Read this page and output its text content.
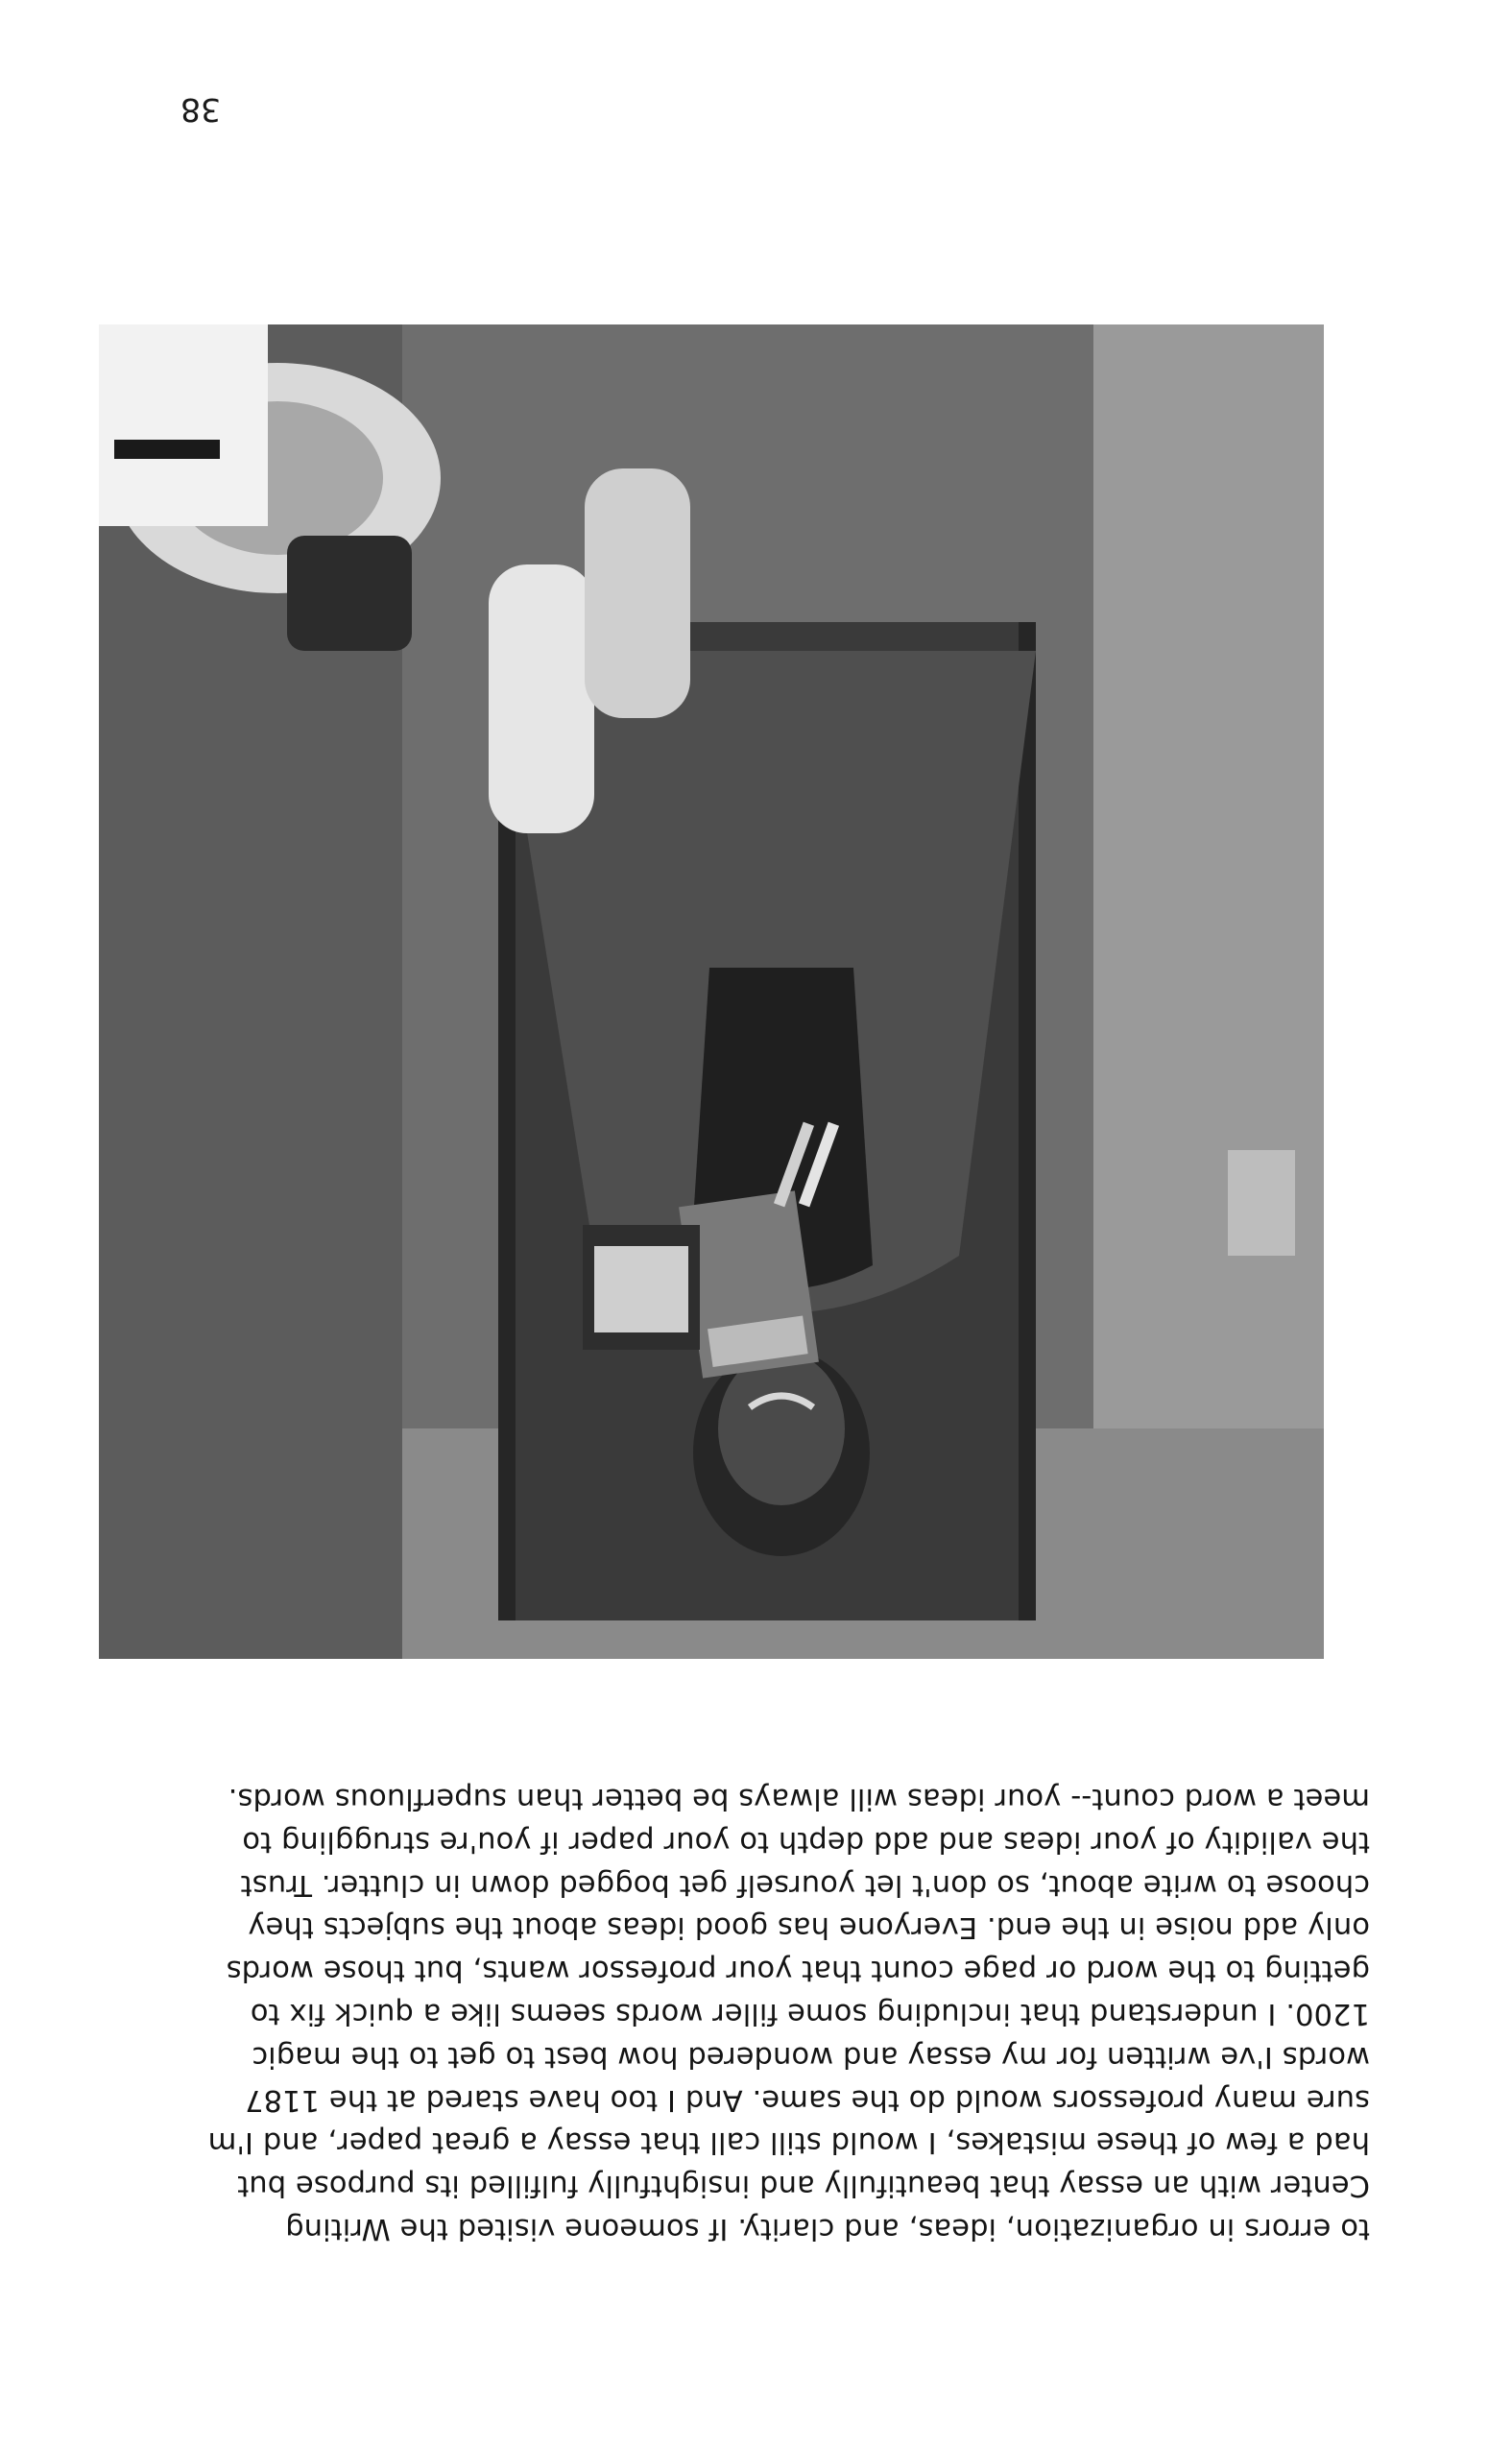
to errors in organization, ideas, and clarity. If someone visited the Writing
Center with an essay that beautifully and insightfully fulfilled its purpose but
had a few of these mistakes, I would still call that essay a great paper, and I'm
sure many professors would do the same. And I too have stared at the 1187
words I've written for my essay and wondered how best to get to the magic
1200. I understand that including some filler words seems like a quick fix to
getting to the word or page count that your professor wants, but those words
only add noise in the end. Everyone has good ideas about the subjects they
choose to write about, so don't let yourself get bogged down in clutter. Trust
the validity of your ideas and add depth to your paper if you're struggling to
meet a word count-- your ideas will always be better than superfluous words.

38
